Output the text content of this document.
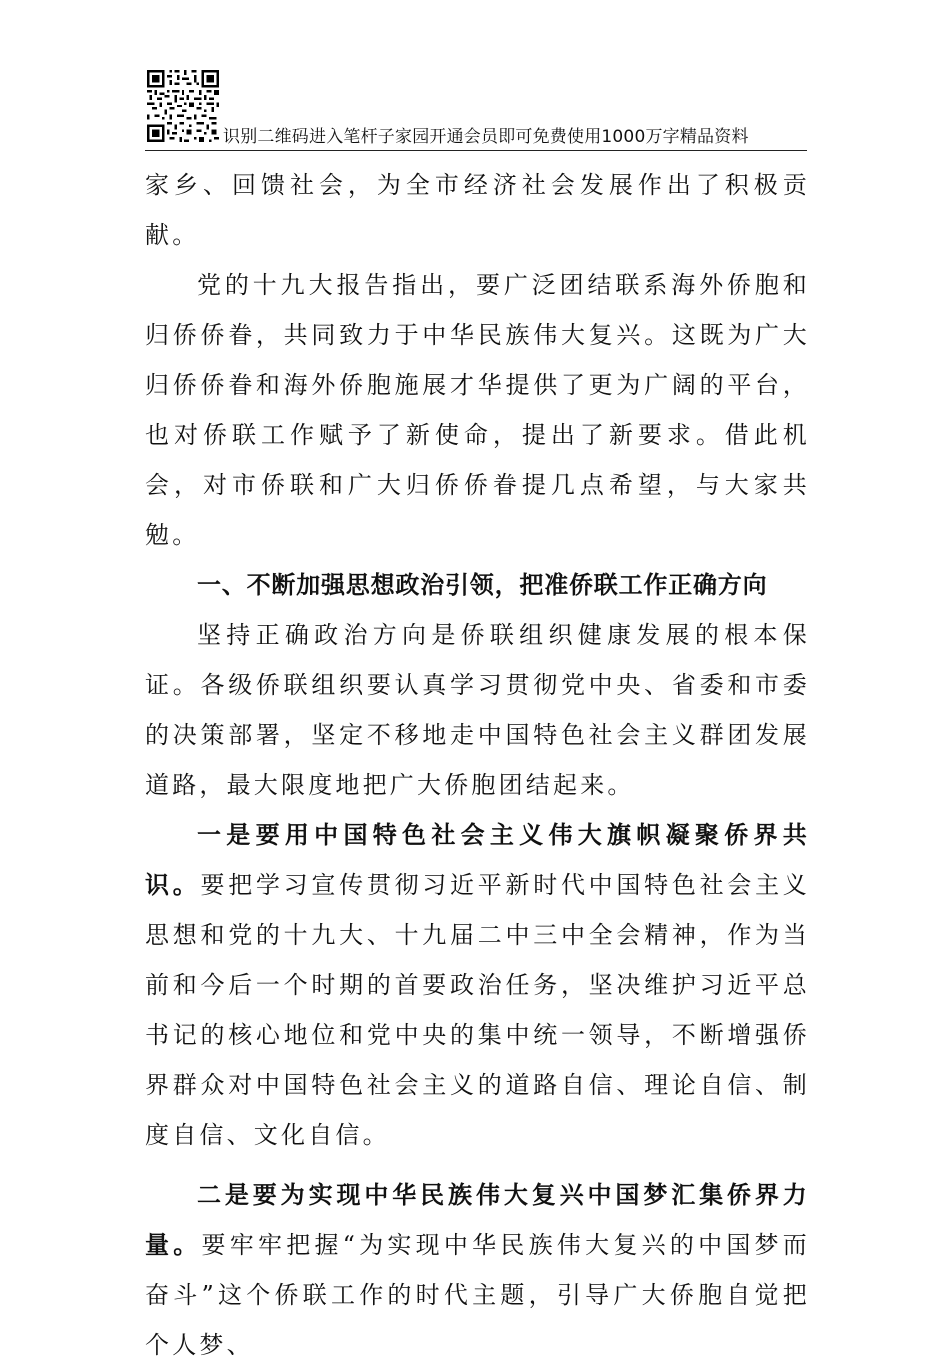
识别二维码进入笔杆子家园开通会员即可免费使用1000万字精品资料

家乡、回馈社会，为全市经济社会发展作出了积极贡献。

党的十九大报告指出，要广泛团结联系海外侨胞和归侨侨眷，共同致力于中华民族伟大复兴。这既为广大归侨侨眷和海外侨胞施展才华提供了更为广阔的平台，也对侨联工作赋予了新使命，提出了新要求。借此机会，对市侨联和广大归侨侨眷提几点希望，与大家共勉。

一、不断加强思想政治引领，把准侨联工作正确方向

坚持正确政治方向是侨联组织健康发展的根本保证。各级侨联组织要认真学习贯彻党中央、省委和市委的决策部署，坚定不移地走中国特色社会主义群团发展道路，最大限度地把广大侨胞团结起来。

一是要用中国特色社会主义伟大旗帜凝聚侨界共识。要把学习宣传贯彻习近平新时代中国特色社会主义思想和党的十九大、十九届二中三中全会精神，作为当前和今后一个时期的首要政治任务，坚决维护习近平总书记的核心地位和党中央的集中统一领导，不断增强侨界群众对中国特色社会主义的道路自信、理论自信、制度自信、文化自信。

二是要为实现中华民族伟大复兴中国梦汇集侨界力量。要牢牢把握“为实现中华民族伟大复兴的中国梦而奋斗”这个侨联工作的时代主题，引导广大侨胞自觉把个人梦、
